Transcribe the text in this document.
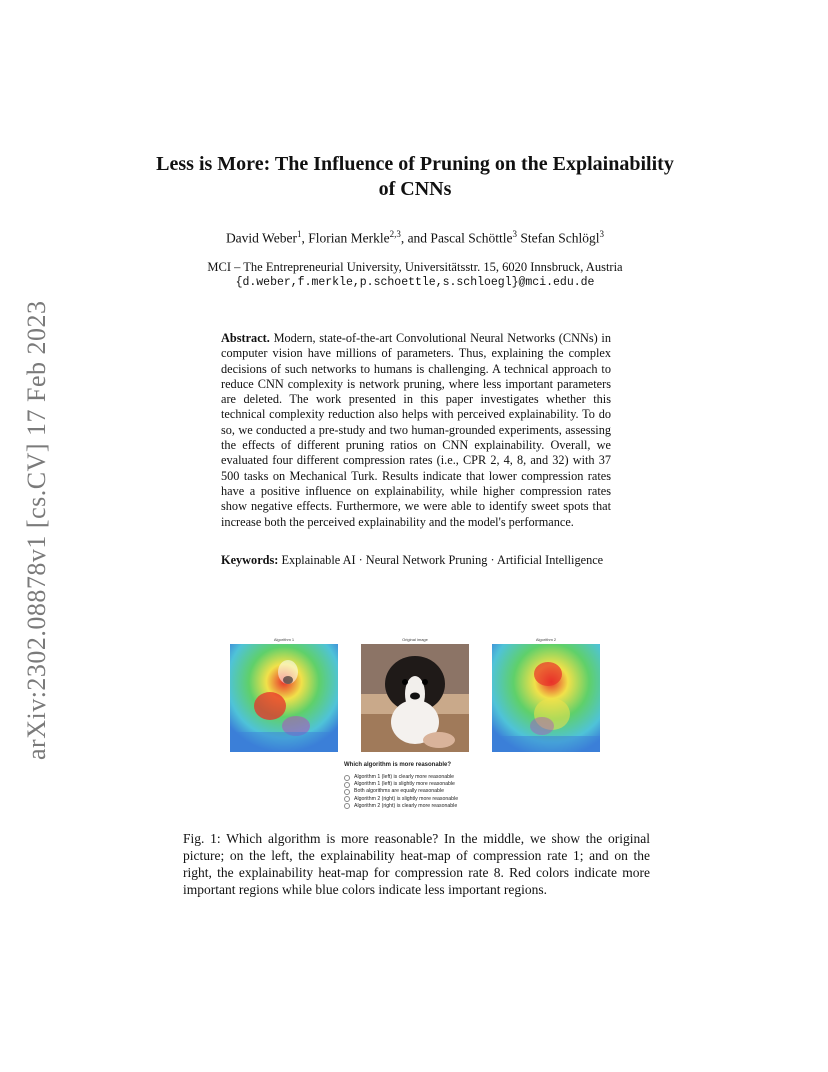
arXiv:2302.08878v1 [cs.CV] 17 Feb 2023
Less is More: The Influence of Pruning on the Explainability of CNNs
David Weber$^1$, Florian Merkle$^{2,3}$, and Pascal Schöttle$^3$ Stefan Schlögl$^3$
MCI – The Entrepreneurial University, Universitätsstr. 15, 6020 Innsbruck, Austria
{d.weber,f.merkle,p.schoettle,s.schloegl}@mci.edu.de
Abstract. Modern, state-of-the-art Convolutional Neural Networks (CNNs) in computer vision have millions of parameters. Thus, explaining the complex decisions of such networks to humans is challenging. A technical approach to reduce CNN complexity is network pruning, where less important parameters are deleted. The work presented in this paper investigates whether this technical complexity reduction also helps with perceived explainability. To do so, we conducted a pre-study and two human-grounded experiments, assessing the effects of different pruning ratios on CNN explainability. Overall, we evaluated four different compression rates (i.e., CPR 2, 4, 8, and 32) with 37 500 tasks on Mechanical Turk. Results indicate that lower compression rates have a positive influence on explainability, while higher compression rates show negative effects. Furthermore, we were able to identify sweet spots that increase both the perceived explainability and the model's performance.
Keywords: Explainable AI · Neural Network Pruning · Artificial Intelligence
Algorithm 1	Original image	Algorithm 2
Which algorithm is more reasonable?
Algorithm 1 (left) is clearly more reasonable
Algorithm 1 (left) is slightly more reasonable
Both algorithms are equally reasonable
Algorithm 2 (right) is slightly more reasonable
Algorithm 2 (right) is clearly more reasonable
Fig. 1: Which algorithm is more reasonable? In the middle, we show the original picture; on the left, the explainability heat-map of compression rate 1; and on the right, the explainability heat-map for compression rate 8. Red colors indicate more important regions while blue colors indicate less important regions.
